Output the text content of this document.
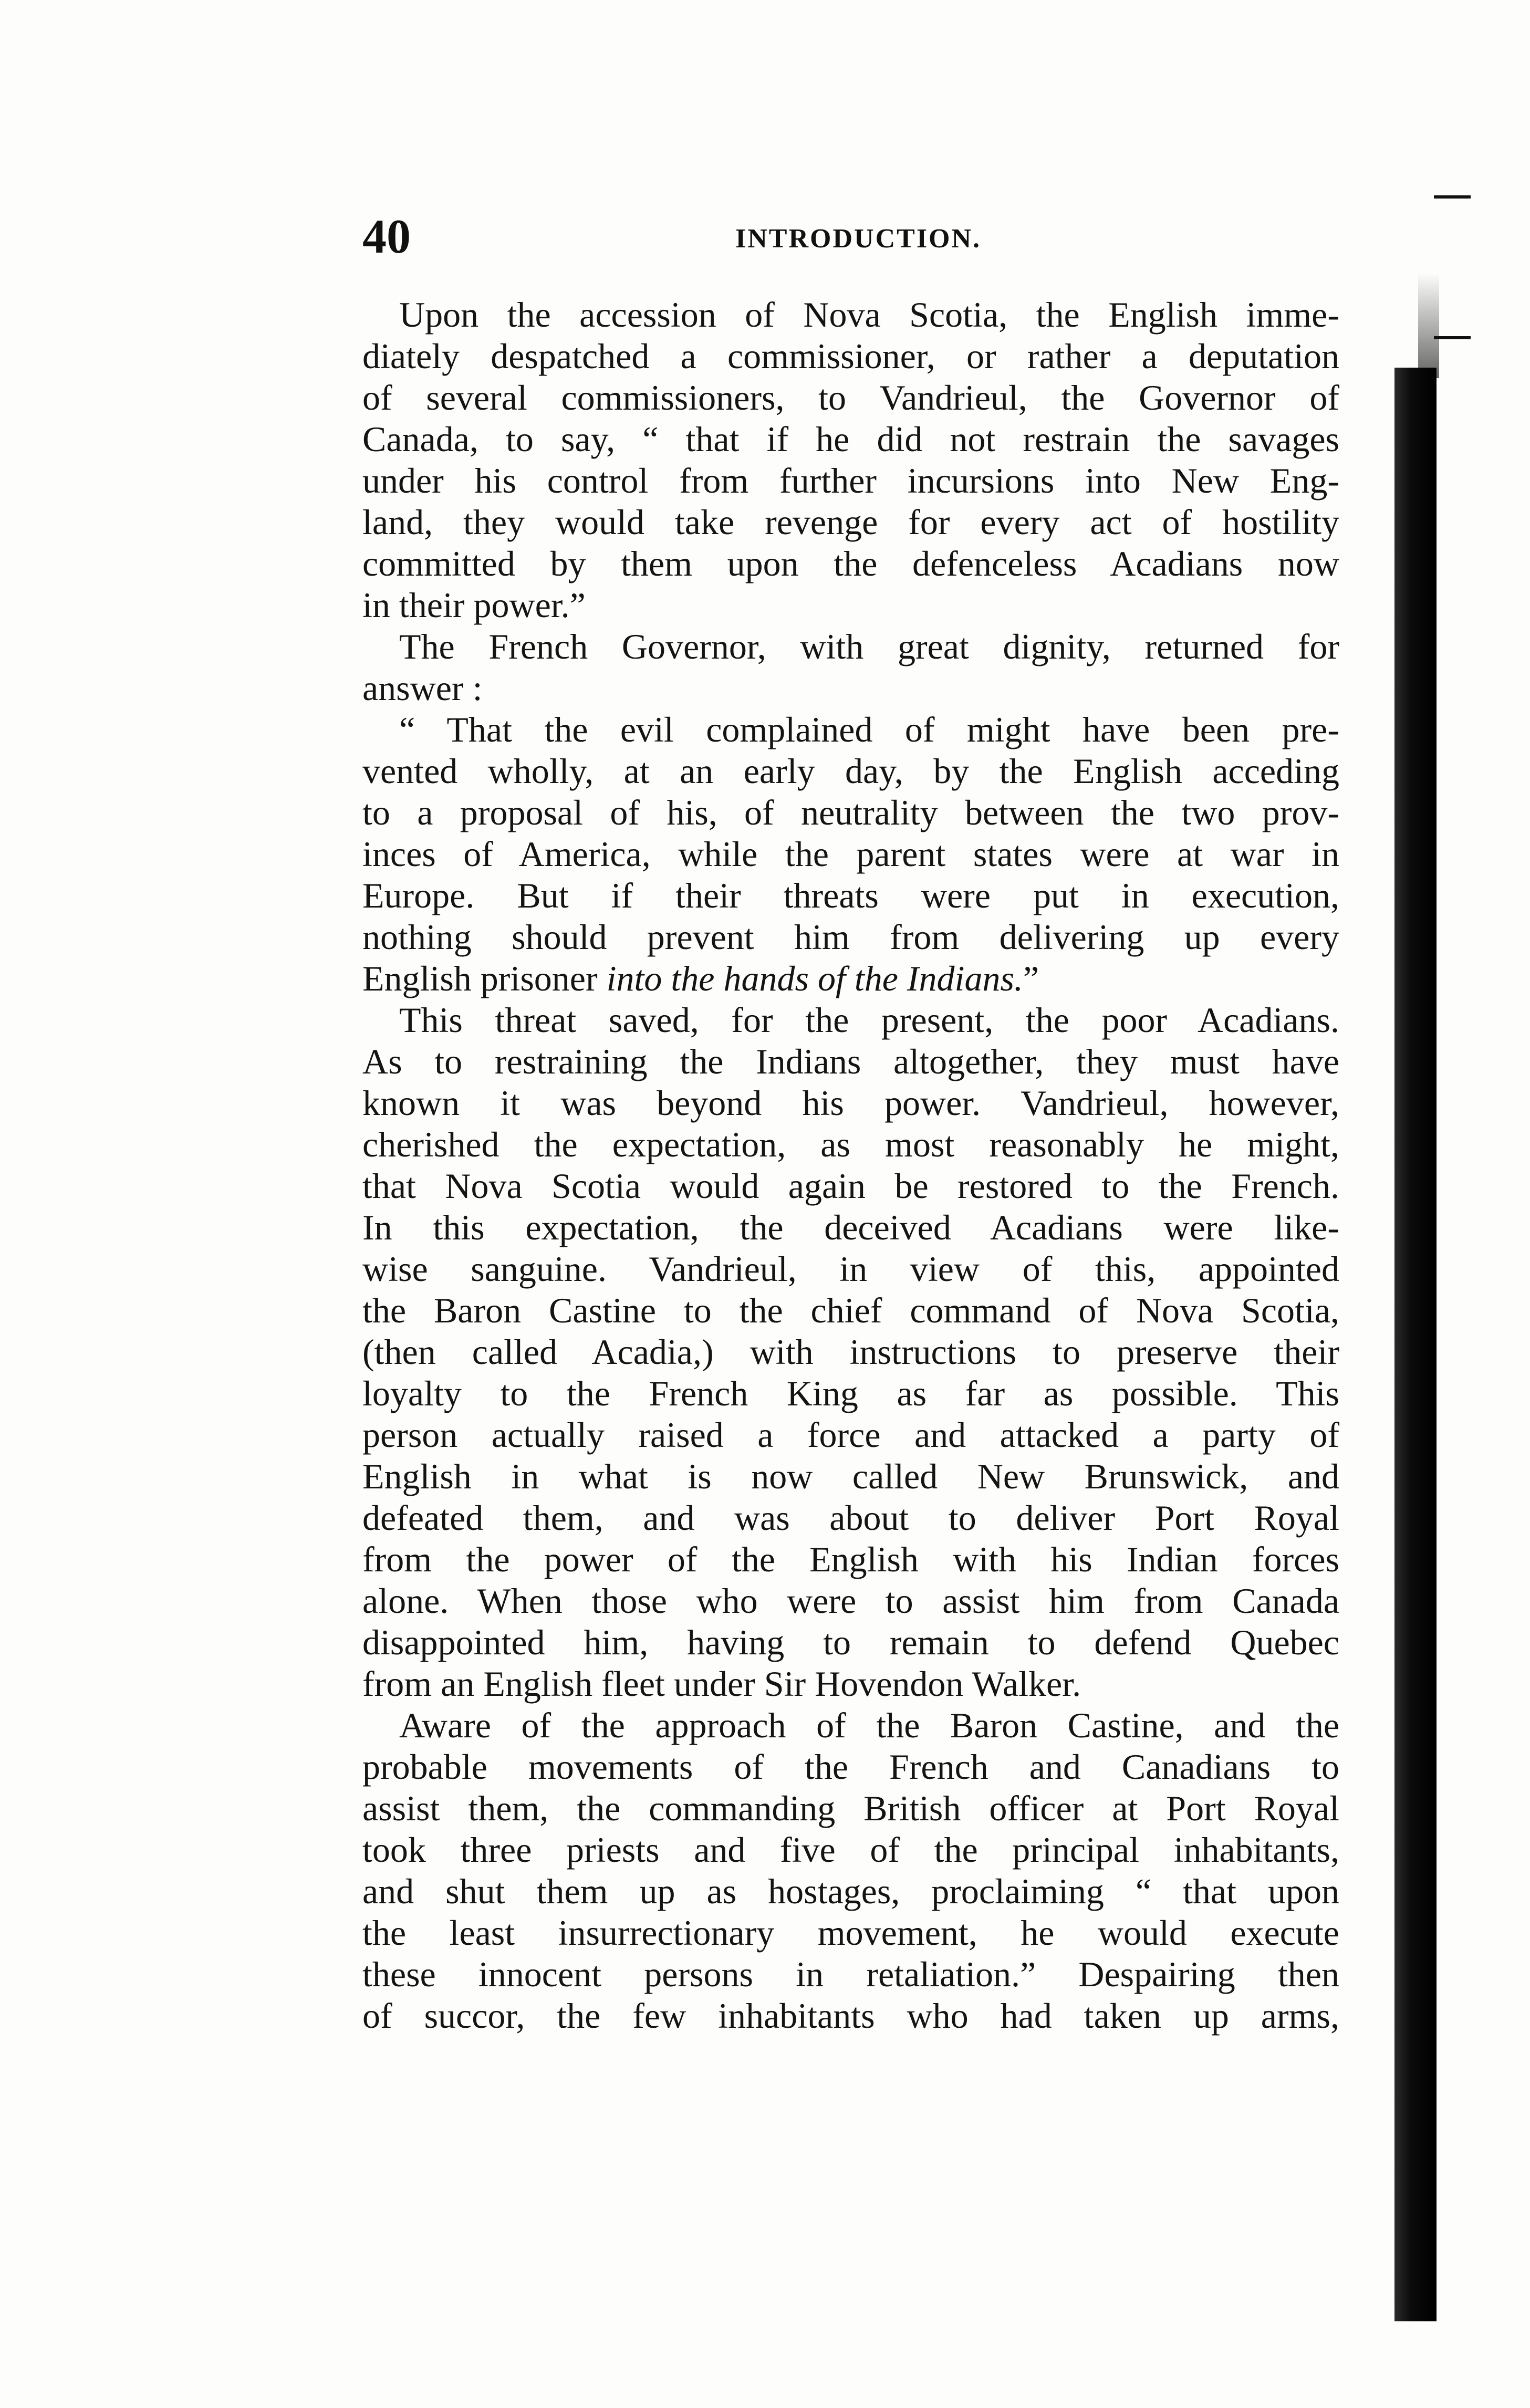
40	INTRODUCTION.
Upon the accession of Nova Scotia, the English imme-
diately despatched a commissioner, or rather a deputation
of several commissioners, to Vandrieul, the Governor of
Canada, to say, “ that if he did not restrain the savages
under his control from further incursions into New Eng-
land, they would take revenge for every act of hostility
committed by them upon the defenceless Acadians now
in their power.”
The French Governor, with great dignity, returned for
answer :
“ That the evil complained of might have been pre-
vented wholly, at an early day, by the English acceding
to a proposal of his, of neutrality between the two prov-
inces of America, while the parent states were at war in
Europe. But if their threats were put in execution,
nothing should prevent him from delivering up every
English prisoner into the hands of the Indians.”
This threat saved, for the present, the poor Acadians.
As to restraining the Indians altogether, they must have
known it was beyond his power. Vandrieul, however,
cherished the expectation, as most reasonably he might,
that Nova Scotia would again be restored to the French.
In this expectation, the deceived Acadians were like-
wise sanguine. Vandrieul, in view of this, appointed
the Baron Castine to the chief command of Nova Scotia,
(then called Acadia,) with instructions to preserve their
loyalty to the French King as far as possible. This
person actually raised a force and attacked a party of
English in what is now called New Brunswick, and
defeated them, and was about to deliver Port Royal
from the power of the English with his Indian forces
alone. When those who were to assist him from Canada
disappointed him, having to remain to defend Quebec
from an English fleet under Sir Hovendon Walker.
Aware of the approach of the Baron Castine, and the
probable movements of the French and Canadians to
assist them, the commanding British officer at Port Royal
took three priests and five of the principal inhabitants,
and shut them up as hostages, proclaiming “ that upon
the least insurrectionary movement, he would execute
these innocent persons in retaliation.” Despairing then
of succor, the few inhabitants who had taken up arms,
